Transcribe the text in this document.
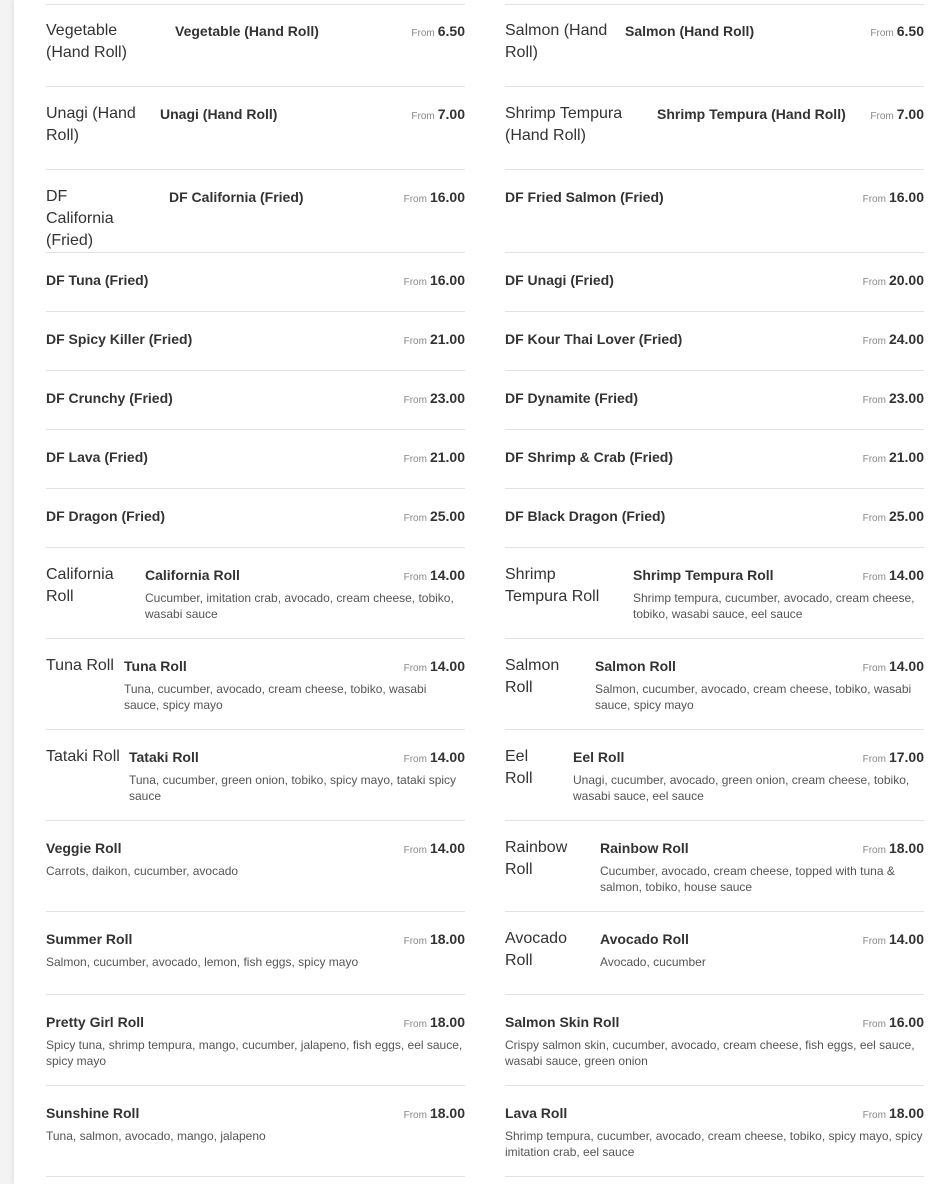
Vegetable (Hand Roll)
Vegetable (Hand Roll)	From 6.50
Unagi (Hand Roll)
Unagi (Hand Roll)	From 7.00
DF California (Fried)
DF California (Fried)	From 16.00
DF Tuna (Fried)	From 16.00
DF Spicy Killer (Fried)	From 21.00
DF Crunchy (Fried)	From 23.00
DF Lava (Fried)	From 21.00
DF Dragon (Fried)	From 25.00
California Roll
California Roll	From 14.00
Cucumber, imitation crab, avocado, cream cheese, tobiko, wasabi sauce
Tuna Roll Tuna Roll	From 14.00
Tuna, cucumber, avocado, cream cheese, tobiko, wasabi sauce, spicy mayo
Tataki Roll Tataki Roll	From 14.00
Tuna, cucumber, green onion, tobiko, spicy mayo, tataki spicy sauce
Veggie Roll	From 14.00
Carrots, daikon, cucumber, avocado
Summer Roll	From 18.00
Salmon, cucumber, avocado, lemon, fish eggs, spicy mayo
Pretty Girl Roll	From 18.00
Spicy tuna, shrimp tempura, mango, cucumber, jalapeno, fish eggs, eel sauce, spicy mayo
Sunshine Roll	From 18.00
Tuna, salmon, avocado, mango, jalapeno
Salmon (Hand Roll)
Salmon (Hand Roll)	From 6.50
Shrimp Tempura (Hand Roll)
Shrimp Tempura (Hand Roll) From 7.00
DF Fried Salmon (Fried)	From 16.00
DF Unagi (Fried)	From 20.00
DF Kour Thai Lover (Fried)	From 24.00
DF Dynamite (Fried)	From 23.00
DF Shrimp & Crab (Fried)	From 21.00
DF Black Dragon (Fried)	From 25.00
Shrimp Tempura Roll
Shrimp Tempura Roll	From 14.00
Shrimp tempura, cucumber, avocado, cream cheese, tobiko, wasabi sauce, eel sauce
Salmon Roll
Salmon Roll	From 14.00
Salmon, cucumber, avocado, cream cheese, tobiko, wasabi sauce, spicy mayo
Eel Roll
Eel Roll	From 17.00
Unagi, cucumber, avocado, green onion, cream cheese, tobiko, wasabi sauce, eel sauce
Rainbow Roll
Rainbow Roll	From 18.00
Cucumber, avocado, cream cheese, topped with tuna & salmon, tobiko, house sauce
Avocado Roll
Avocado Roll	From 14.00
Avocado, cucumber
Salmon Skin Roll	From 16.00
Crispy salmon skin, cucumber, avocado, cream cheese, fish eggs, eel sauce, wasabi sauce, green onion
Lava Roll	From 18.00
Shrimp tempura, cucumber, avocado, cream cheese, tobiko, spicy mayo, spicy imitation crab, eel sauce
